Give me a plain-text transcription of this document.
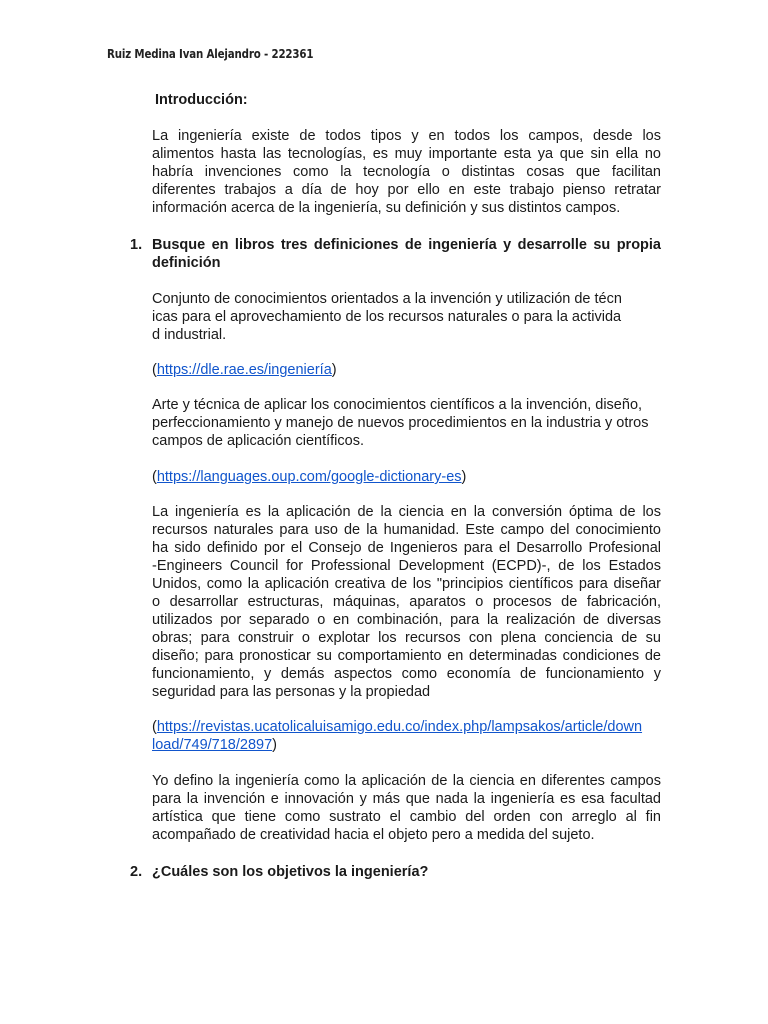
Ruiz Medina Ivan Alejandro - 222361
Introducción:
La ingeniería existe de todos tipos y en todos los campos, desde los
alimentos hasta las tecnologías, es muy importante esta ya que sin ella no
habría invenciones como la tecnología o distintas cosas que facilitan
diferentes trabajos a día de hoy por ello en este trabajo pienso retratar
información acerca de la ingeniería, su definición y sus distintos campos.
1. Busque en libros tres definiciones de ingeniería y desarrolle su propia
definición
Conjunto de conocimientos orientados a la invención y utilización de técn
icas para el aprovechamiento de los recursos naturales o para la activida
d industrial.
(https://dle.rae.es/ingeniería)
Arte y técnica de aplicar los conocimientos científicos a la invención, diseño,
perfeccionamiento y manejo de nuevos procedimientos en la industria y otros
campos de aplicación científicos.
(https://languages.oup.com/google-dictionary-es)
La ingeniería es la aplicación de la ciencia en la conversión óptima de los
recursos naturales para uso de la humanidad. Este campo del conocimiento
ha sido definido por el Consejo de Ingenieros para el Desarrollo Profesional
-Engineers Council for Professional Development (ECPD)-, de los Estados
Unidos, como la aplicación creativa de los "principios científicos para diseñar
o desarrollar estructuras, máquinas, aparatos o procesos de fabricación,
utilizados por separado o en combinación, para la realización de diversas
obras; para construir o explotar los recursos con plena conciencia de su
diseño; para pronosticar su comportamiento en determinadas condiciones de
funcionamiento, y demás aspectos como economía de funcionamiento y
seguridad para las personas y la propiedad
(https://revistas.ucatolicaluisamigo.edu.co/index.php/lampsakos/article/down
load/749/718/2897)
Yo defino la ingeniería como la aplicación de la ciencia en diferentes campos
para la invención e innovación y más que nada la ingeniería es esa facultad
artística que tiene como sustrato el cambio del orden con arreglo al fin
acompañado de creatividad hacia el objeto pero a medida del sujeto.
2. ¿Cuáles son los objetivos la ingeniería?
